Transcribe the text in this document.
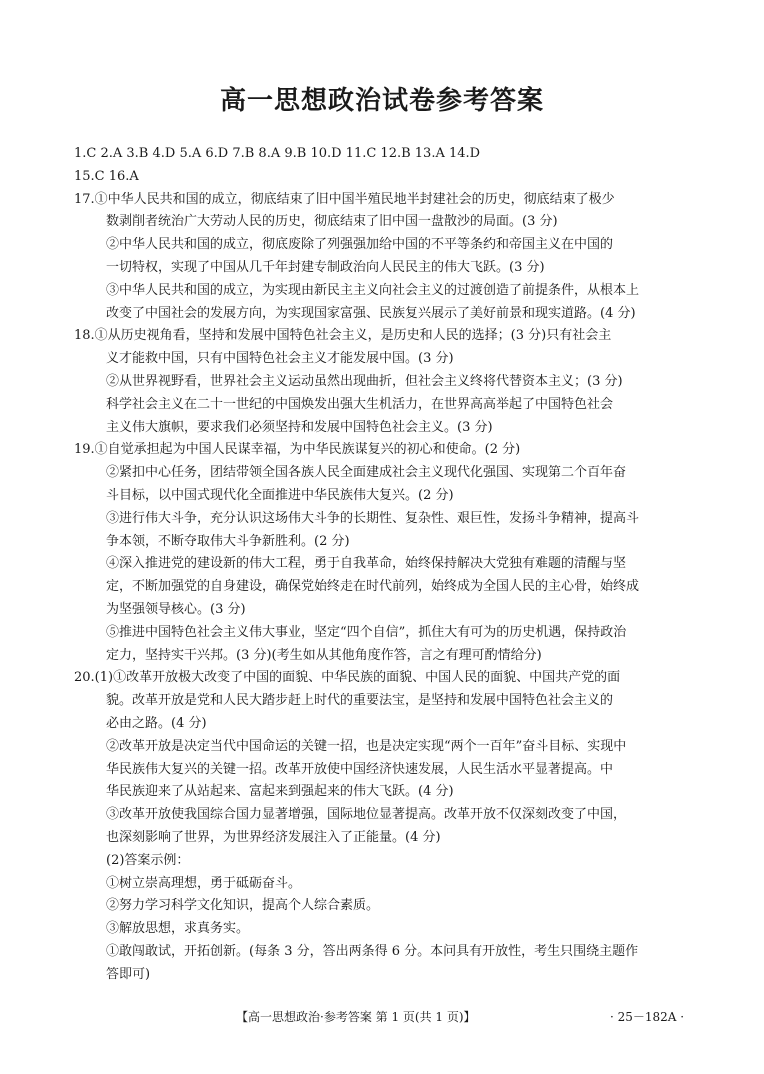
高一思想政治试卷参考答案

1.C 2.A 3.B 4.D 5.A 6.D 7.B 8.A 9.B 10.D 11.C 12.B 13.A 14.D

15.C 16.A

17.①中华人民共和国的成立，彻底结束了旧中国半殖民地半封建社会的历史，彻底结束了极少

数剥削者统治广大劳动人民的历史，彻底结束了旧中国一盘散沙的局面。(3 分)

②中华人民共和国的成立，彻底废除了列强强加给中国的不平等条约和帝国主义在中国的

一切特权，实现了中国从几千年封建专制政治向人民民主的伟大飞跃。(3 分)

③中华人民共和国的成立，为实现由新民主主义向社会主义的过渡创造了前提条件，从根本上

改变了中国社会的发展方向，为实现国家富强、民族复兴展示了美好前景和现实道路。(4 分)

18.①从历史视角看，坚持和发展中国特色社会主义，是历史和人民的选择；(3 分)只有社会主

义才能救中国，只有中国特色社会主义才能发展中国。(3 分)

②从世界视野看，世界社会主义运动虽然出现曲折，但社会主义终将代替资本主义；(3 分)

科学社会主义在二十一世纪的中国焕发出强大生机活力，在世界高高举起了中国特色社会

主义伟大旗帜，要求我们必须坚持和发展中国特色社会主义。(3 分)

19.①自觉承担起为中国人民谋幸福，为中华民族谋复兴的初心和使命。(2 分)

②紧扣中心任务，团结带领全国各族人民全面建成社会主义现代化强国、实现第二个百年奋

斗目标，以中国式现代化全面推进中华民族伟大复兴。(2 分)

③进行伟大斗争，充分认识这场伟大斗争的长期性、复杂性、艰巨性，发扬斗争精神，提高斗

争本领，不断夺取伟大斗争新胜利。(2 分)

④深入推进党的建设新的伟大工程，勇于自我革命，始终保持解决大党独有难题的清醒与坚

定，不断加强党的自身建设，确保党始终走在时代前列，始终成为全国人民的主心骨，始终成

为坚强领导核心。(3 分)

⑤推进中国特色社会主义伟大事业，坚定“四个自信”，抓住大有可为的历史机遇，保持政治

定力，坚持实干兴邦。(3 分)(考生如从其他角度作答，言之有理可酌情给分)

20.(1)①改革开放极大改变了中国的面貌、中华民族的面貌、中国人民的面貌、中国共产党的面

貌。改革开放是党和人民大踏步赶上时代的重要法宝，是坚持和发展中国特色社会主义的

必由之路。(4 分)

②改革开放是决定当代中国命运的关键一招，也是决定实现“两个一百年”奋斗目标、实现中

华民族伟大复兴的关键一招。改革开放使中国经济快速发展，人民生活水平显著提高。中

华民族迎来了从站起来、富起来到强起来的伟大飞跃。(4 分)

③改革开放使我国综合国力显著增强，国际地位显著提高。改革开放不仅深刻改变了中国，

也深刻影响了世界，为世界经济发展注入了正能量。(4 分)

(2)答案示例：

①树立崇高理想，勇于砥砺奋斗。

②努力学习科学文化知识，提高个人综合素质。

③解放思想，求真务实。

①敢闯敢试，开拓创新。(每条 3 分，答出两条得 6 分。本问具有开放性，考生只围绕主题作

答即可)

【高一思想政治·参考答案 第 1 页(共 1 页)】	· 25－182A ·
